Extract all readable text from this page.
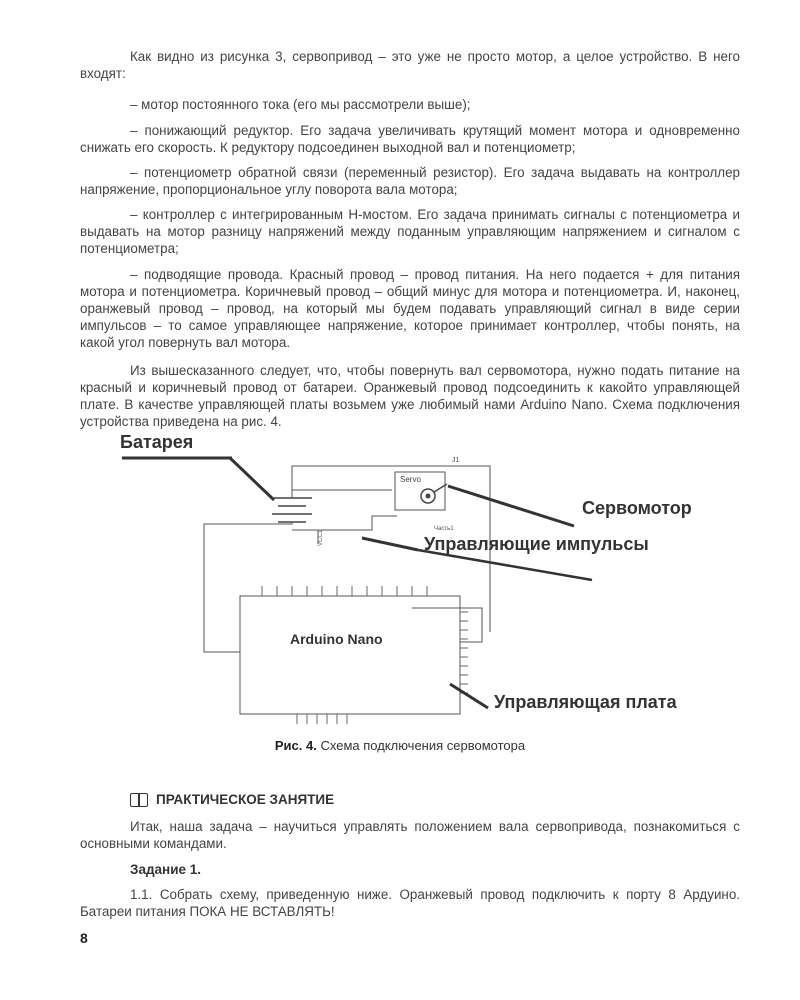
Как видно из рисунка 3, сервопривод – это уже не просто мотор, а целое устройство. В него входят:

– мотор постоянного тока (его мы рассмотрели выше);

– понижающий редуктор. Его задача увеличивать крутящий момент мотора и одновременно снижать его скорость. К редуктору подсоединен выходной вал и потенциометр;

– потенциометр обратной связи (переменный резистор). Его задача выдавать на контроллер напряжение, пропорциональное углу поворота вала мотора;

– контроллер с интегрированным H-мостом. Его задача принимать сигналы с потенциометра и выдавать на мотор разницу напряжений между поданным управляющим напряжением и сигналом с потенциометра;

– подводящие провода. Красный провод – провод питания. На него подается + для питания мотора и потенциометра. Коричневый провод – общий минус для мотора и потенциометра. И, наконец, оранжевый провод – провод, на который мы будем подавать управляющий сигнал в виде серии импульсов – то самое управляющее напряжение, которое принимает контроллер, чтобы понять, на какой угол повернуть вал мотора.

Из вышесказанного следует, что, чтобы повернуть вал сервомотора, нужно подать питание на красный и коричневый провод от батареи. Оранжевый провод подсоединить к какойто управляющей плате. В качестве управляющей платы возьмем уже любимый нами Arduino Nano. Схема подключения устройства приведена на рис. 4.

Батарея
J1
Servo
Часть1
VCC1
Сервомотор
Управляющие импульсы
Arduino Nano
Управляющая плата
Рис. 4. Схема подключения сервомотора
ПРАКТИЧЕСКОЕ ЗАНЯТИЕ

Итак, наша задача – научиться управлять положением вала сервопривода, познакомиться с основными командами.

Задание 1.

1.1. Собрать схему, приведенную ниже. Оранжевый провод подключить к порту 8 Ардуино. Батареи питания ПОКА НЕ ВСТАВЛЯТЬ!

8
